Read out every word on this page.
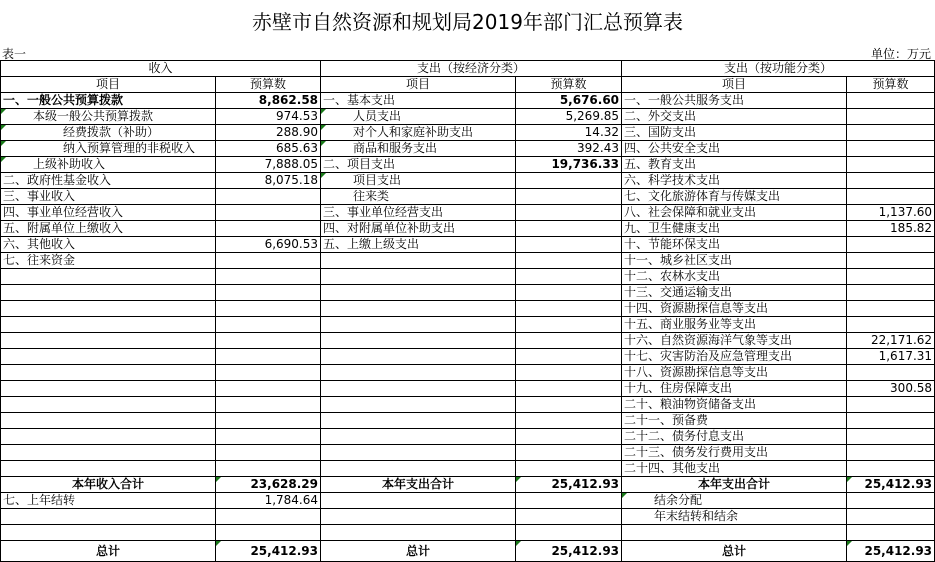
赤壁市自然资源和规划局2019年部门汇总预算表
表一	单位：万元
收入		支出（按经济分类）		支出（按功能分类）	
项目	预算数	项目	预算数	项目	预算数
一、一般公共预算拨款	8,862.58	一、基本支出	5,676.60	一、一般公共服务支出	
本级一般公共预算拨款	974.53	人员支出	5,269.85	二、外交支出	
经费拨款（补助）	288.90	对个人和家庭补助支出	14.32	三、国防支出	
纳入预算管理的非税收入	685.63	商品和服务支出	392.43	四、公共安全支出	
上级补助收入	7,888.05	二、项目支出	19,736.33	五、教育支出	
二、政府性基金收入	8,075.18	项目支出		六、科学技术支出	
三、事业收入		往来类		七、文化旅游体育与传媒支出	
四、事业单位经营收入		三、事业单位经营支出		八、社会保障和就业支出	1,137.60
五、附属单位上缴收入		四、对附属单位补助支出		九、卫生健康支出	185.82
六、其他收入	6,690.53	五、上缴上级支出		十、节能环保支出	
七、往来资金				十一、城乡社区支出	
				十二、农林水支出	
				十三、交通运输支出	
				十四、资源勘探信息等支出	
				十五、商业服务业等支出	
				十六、自然资源海洋气象等支出	22,171.62
				十七、灾害防治及应急管理支出	1,617.31
				十八、资源勘探信息等支出	
				十九、住房保障支出	300.58
				二十、粮油物资储备支出	
				二十一、预备费	
				二十二、债务付息支出	
				二十三、债务发行费用支出	
				二十四、其他支出	
本年收入合计	23,628.29	本年支出合计	25,412.93	本年支出合计	25,412.93
七、上年结转	1,784.64			结余分配	
				年末结转和结余	

总计	25,412.93	总计	25,412.93	总计	25,412.93
